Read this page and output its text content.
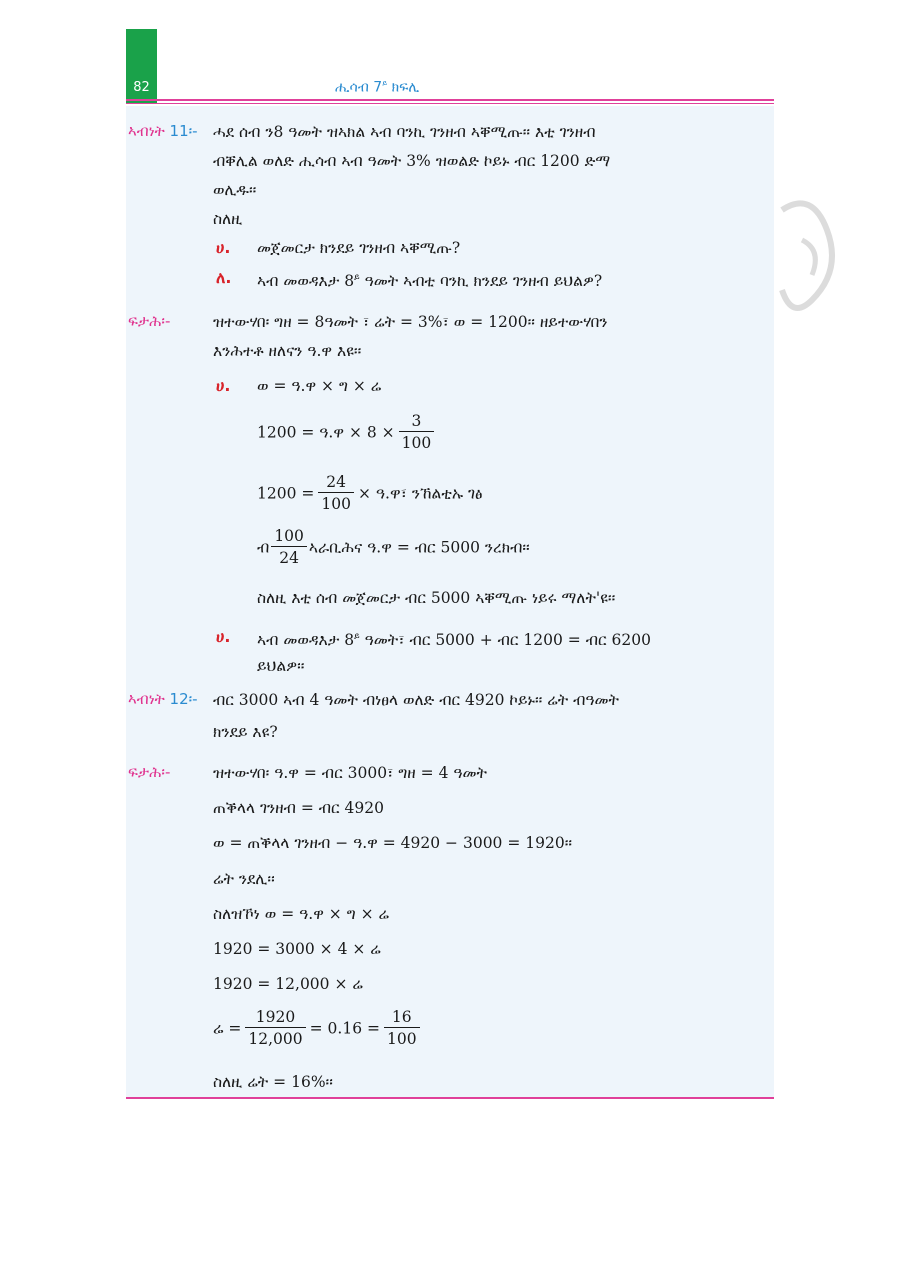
82	ሒሳብ $7^ይ$ ክፍሊ
ኣብነት 11፡- ሓደ ሰብ ን8 ዓመት ዝኣክል ኣብ ባንኪ ገንዘብ ኣቐሚጡ፡፡ እቲ ገንዘብ
ብቐሊል ወለድ ሒሳብ ኣብ ዓመት 3% ዝወልድ ኮይኑ ብር 1200 ድማ
ወሊዱ፡፡
ስለዚ
ሀ. መጀመርታ ክንደይ ገንዘብ ኣቐሚጡ?
ለ. ኣብ መወዳእታ $8^ይ$ ዓመት ኣብቲ ባንኪ ክንደይ ገንዘብ ይህልዎ?
ፍታሕ፡-	ዝተውሃበ፡ ግዘ = 8ዓመት ፣ ሬት = 3%፣ ወ = 1200፡፡ ዘይተውሃበን
እንሕተቶ ዘለናን ዓ.ዋ እዩ፡፡
ሀ. ወ = ዓ.ዋ × ግ × ሬ
1200 = ዓ.ዋ × $8 \times \frac{3}{100}$
$1200 = \frac{24}{100}$ × ዓ.ዋ፣ ንኸልቲኡ ገፅ
ብ $\frac{100}{24}$ ኣራቢሕና ዓ.ዋ = ብር 5000 ንረክብ፡፡
ስለዚ እቲ ሰብ መጀመርታ ብር 5000 ኣቐሚጡ ነይሩ ማለት'ዩ፡፡
ሀ. ኣብ መወዳእታ $8^ይ$ ዓመት፣ ብር 5000 + ብር 1200 = ብር 6200
ይህልዎ፡፡
ኣብነት 12፡- ብር 3000 ኣብ 4 ዓመት ብነፀላ ወለድ ብር 4920 ኮይኑ፡፡ ሬት ብዓመት
ክንደይ እዩ?
ፍታሕ፡-	ዝተውሃበ፡ ዓ.ዋ = ብር 3000፣ ግዘ = 4 ዓመት
ጠቕላላ ገንዘብ = ብር 4920
ወ = ጠቕላላ ገንዘብ − ዓ.ዋ = 4920 − 3000 = 1920፡፡
ሬት ንደሊ፡፡
ስለዝኾነ ወ = ዓ.ዋ × ግ × ሬ
1920 = 3000 × 4 × ሬ
1920 = 12,000 × ሬ
ሬ = $\frac{1920}{12,000} = 0.16 = \frac{16}{100}$
ስለዚ ሬት = 16%፡፡
